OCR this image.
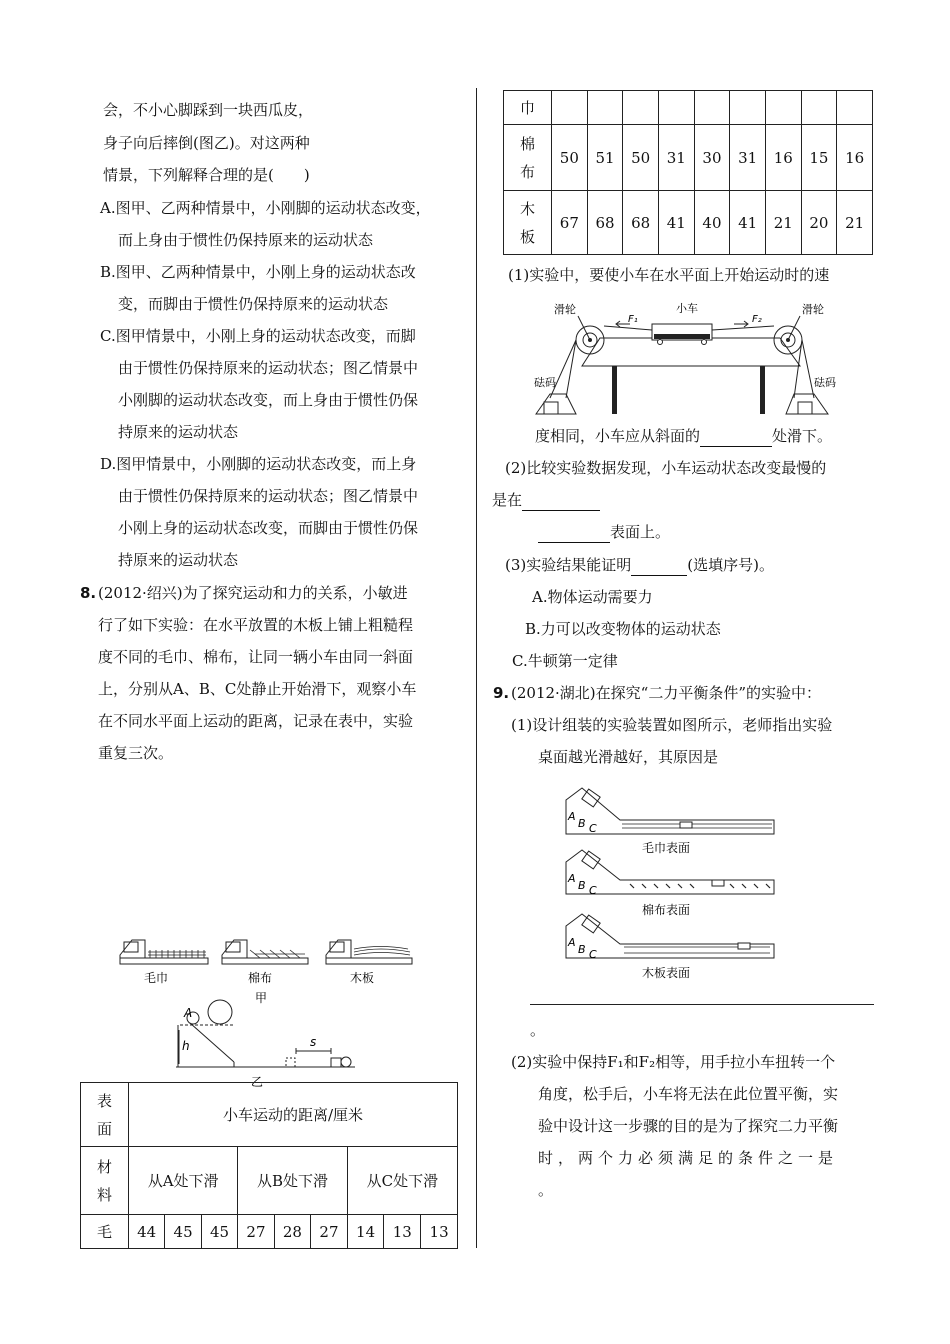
会，不小心脚踩到一块西瓜皮，
身子向后摔倒(图乙)。对这两种
情景，下列解释合理的是(　　)
A.图甲、乙两种情景中，小刚脚的运动状态改变，
而上身由于惯性仍保持原来的运动状态
B.图甲、乙两种情景中，小刚上身的运动状态改
变，而脚由于惯性仍保持原来的运动状态
C.图甲情景中，小刚上身的运动状态改变，而脚
由于惯性仍保持原来的运动状态；图乙情景中
小刚脚的运动状态改变，而上身由于惯性仍保
持原来的运动状态
D.图甲情景中，小刚脚的运动状态改变，而上身
由于惯性仍保持原来的运动状态；图乙情景中
小刚上身的运动状态改变，而脚由于惯性仍保
持原来的运动状态
8. (2012·绍兴)为了探究运动和力的关系，小敏进
行了如下实验：在水平放置的木板上铺上粗糙程
度不同的毛巾、棉布，让同一辆小车由同一斜面
上，分别从A、B、C处静止开始滑下，观察小车
在不同水平面上运动的距离，记录在表中，实验
重复三次。
毛巾	棉布
甲
木板
A
h	s
乙
表
面	小车运动的距离/厘米								
材
料	从A处下滑			从B处下滑			从C处下滑		
毛	44	45	45	27	28	27	14	13	13
巾									
棉
布	50	51	50	31	30	31	16	15	16
木
板	67	68	68	41	40	41	21	20	21
(1)实验中，要使小车在水平面上开始运动时的速
滑轮	滑轮
小车
F₁	F₂
砝码	砝码
度相同，小车应从斜面的	处滑下。
(2)比较实验数据发现，小车运动状态改变最慢的
是在
表面上。
(3)实验结果能证明	(选填序号)。
A.物体运动需要力
B.力可以改变物体的运动状态
C.牛顿第一定律
9. (2012·湖北)在探究“二力平衡条件”的实验中：
(1)设计组装的实验装置如图所示，老师指出实验
桌面越光滑越好，其原因是
A
B C
毛巾表面
A
B C
棉布表面
A
B C
木板表面
。
(2)实验中保持F₁和F₂相等，用手拉小车扭转一个
角度，松手后，小车将无法在此位置平衡，实
验中设计这一步骤的目的是为了探究二力平衡
时，两个力必须满足的条件之一是
。
